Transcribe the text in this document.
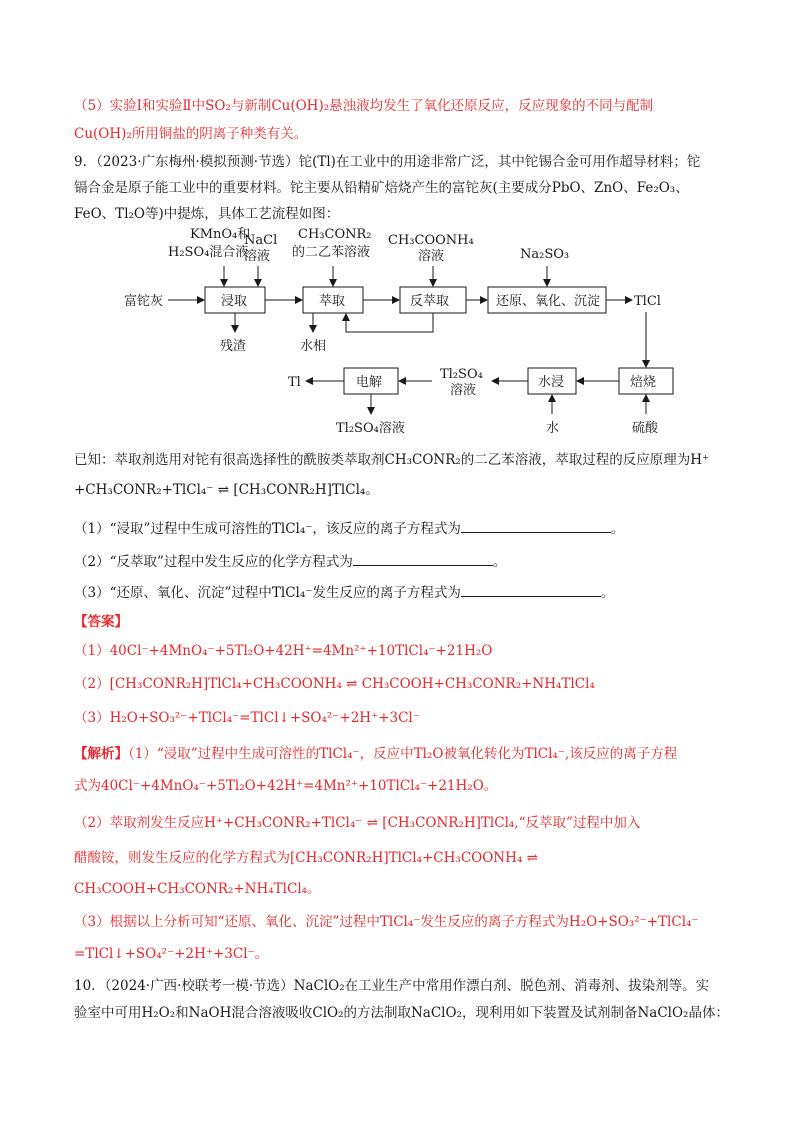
（5）实验Ⅰ和实验Ⅱ中SO₂与新制Cu(OH)₂悬浊液均发生了氧化还原反应，反应现象的不同与配制
Cu(OH)₂所用铜盐的阴离子种类有关。
9．（2023·广东梅州·模拟预测·节选）铊(Tl)在工业中的用途非常广泛，其中铊锡合金可用作超导材料；铊
镉合金是原子能工业中的重要材料。铊主要从铅精矿焙烧产生的富铊灰(主要成分PbO、ZnO、Fe₂O₃、
FeO、Tl₂O等)中提炼，具体工艺流程如图：
KMnO₄和
H₂SO₄混合液
NaCl
溶液
CH₃CONR₂
的二乙苯溶液
CH₃COONH₄
溶液	Na₂SO₃
富铊灰	浸取	萃取	反萃取	还原、氧化、沉淀	TlCl
残渣	水相
焙烧
水浸
电解
Tl₂SO₄
溶液
Tl
Tl₂SO₄溶液	水	硫酸
已知：萃取剂选用对铊有很高选择性的酰胺类萃取剂CH₃CONR₂的二乙苯溶液，萃取过程的反应原理为H⁺
+CH₃CONR₂+TlCl₄⁻ ⇌ [CH₃CONR₂H]TlCl₄。
（1）“浸取”过程中生成可溶性的TlCl₄⁻，该反应的离子方程式为	。
（2）“反萃取”过程中发生反应的化学方程式为	。
（3）“还原、氧化、沉淀”过程中TlCl₄⁻发生反应的离子方程式为	。
【答案】
（1）40Cl⁻+4MnO₄⁻+5Tl₂O+42H⁺=4Mn²⁺+10TlCl₄⁻+21H₂O
（2）[CH₃CONR₂H]TlCl₄+CH₃COONH₄ ⇌ CH₃COOH+CH₃CONR₂+NH₄TlCl₄
（3）H₂O+SO₃²⁻+TlCl₄⁻=TlCl↓+SO₄²⁻+2H⁺+3Cl⁻
【解析】（1）“浸取”过程中生成可溶性的TlCl₄⁻，反应中Tl₂O被氧化转化为TlCl₄⁻,该反应的离子方程
式为40Cl⁻+4MnO₄⁻+5Tl₂O+42H⁺=4Mn²⁺+10TlCl₄⁻+21H₂O。
（2）萃取剂发生反应H⁺+CH₃CONR₂+TlCl₄⁻ ⇌ [CH₃CONR₂H]TlCl₄,“反萃取”过程中加入
醋酸铵，则发生反应的化学方程式为[CH₃CONR₂H]TlCl₄+CH₃COONH₄ ⇌
CH₃COOH+CH₃CONR₂+NH₄TlCl₄。
（3）根据以上分析可知“还原、氧化、沉淀”过程中TlCl₄⁻发生反应的离子方程式为H₂O+SO₃²⁻+TlCl₄⁻
=TlCl↓+SO₄²⁻+2H⁺+3Cl⁻。
10．（2024·广西·校联考一模·节选）NaClO₂在工业生产中常用作漂白剂、脱色剂、消毒剂、拔染剂等。实
验室中可用H₂O₂和NaOH混合溶液吸收ClO₂的方法制取NaClO₂，现利用如下装置及试剂制备NaClO₂晶体：
